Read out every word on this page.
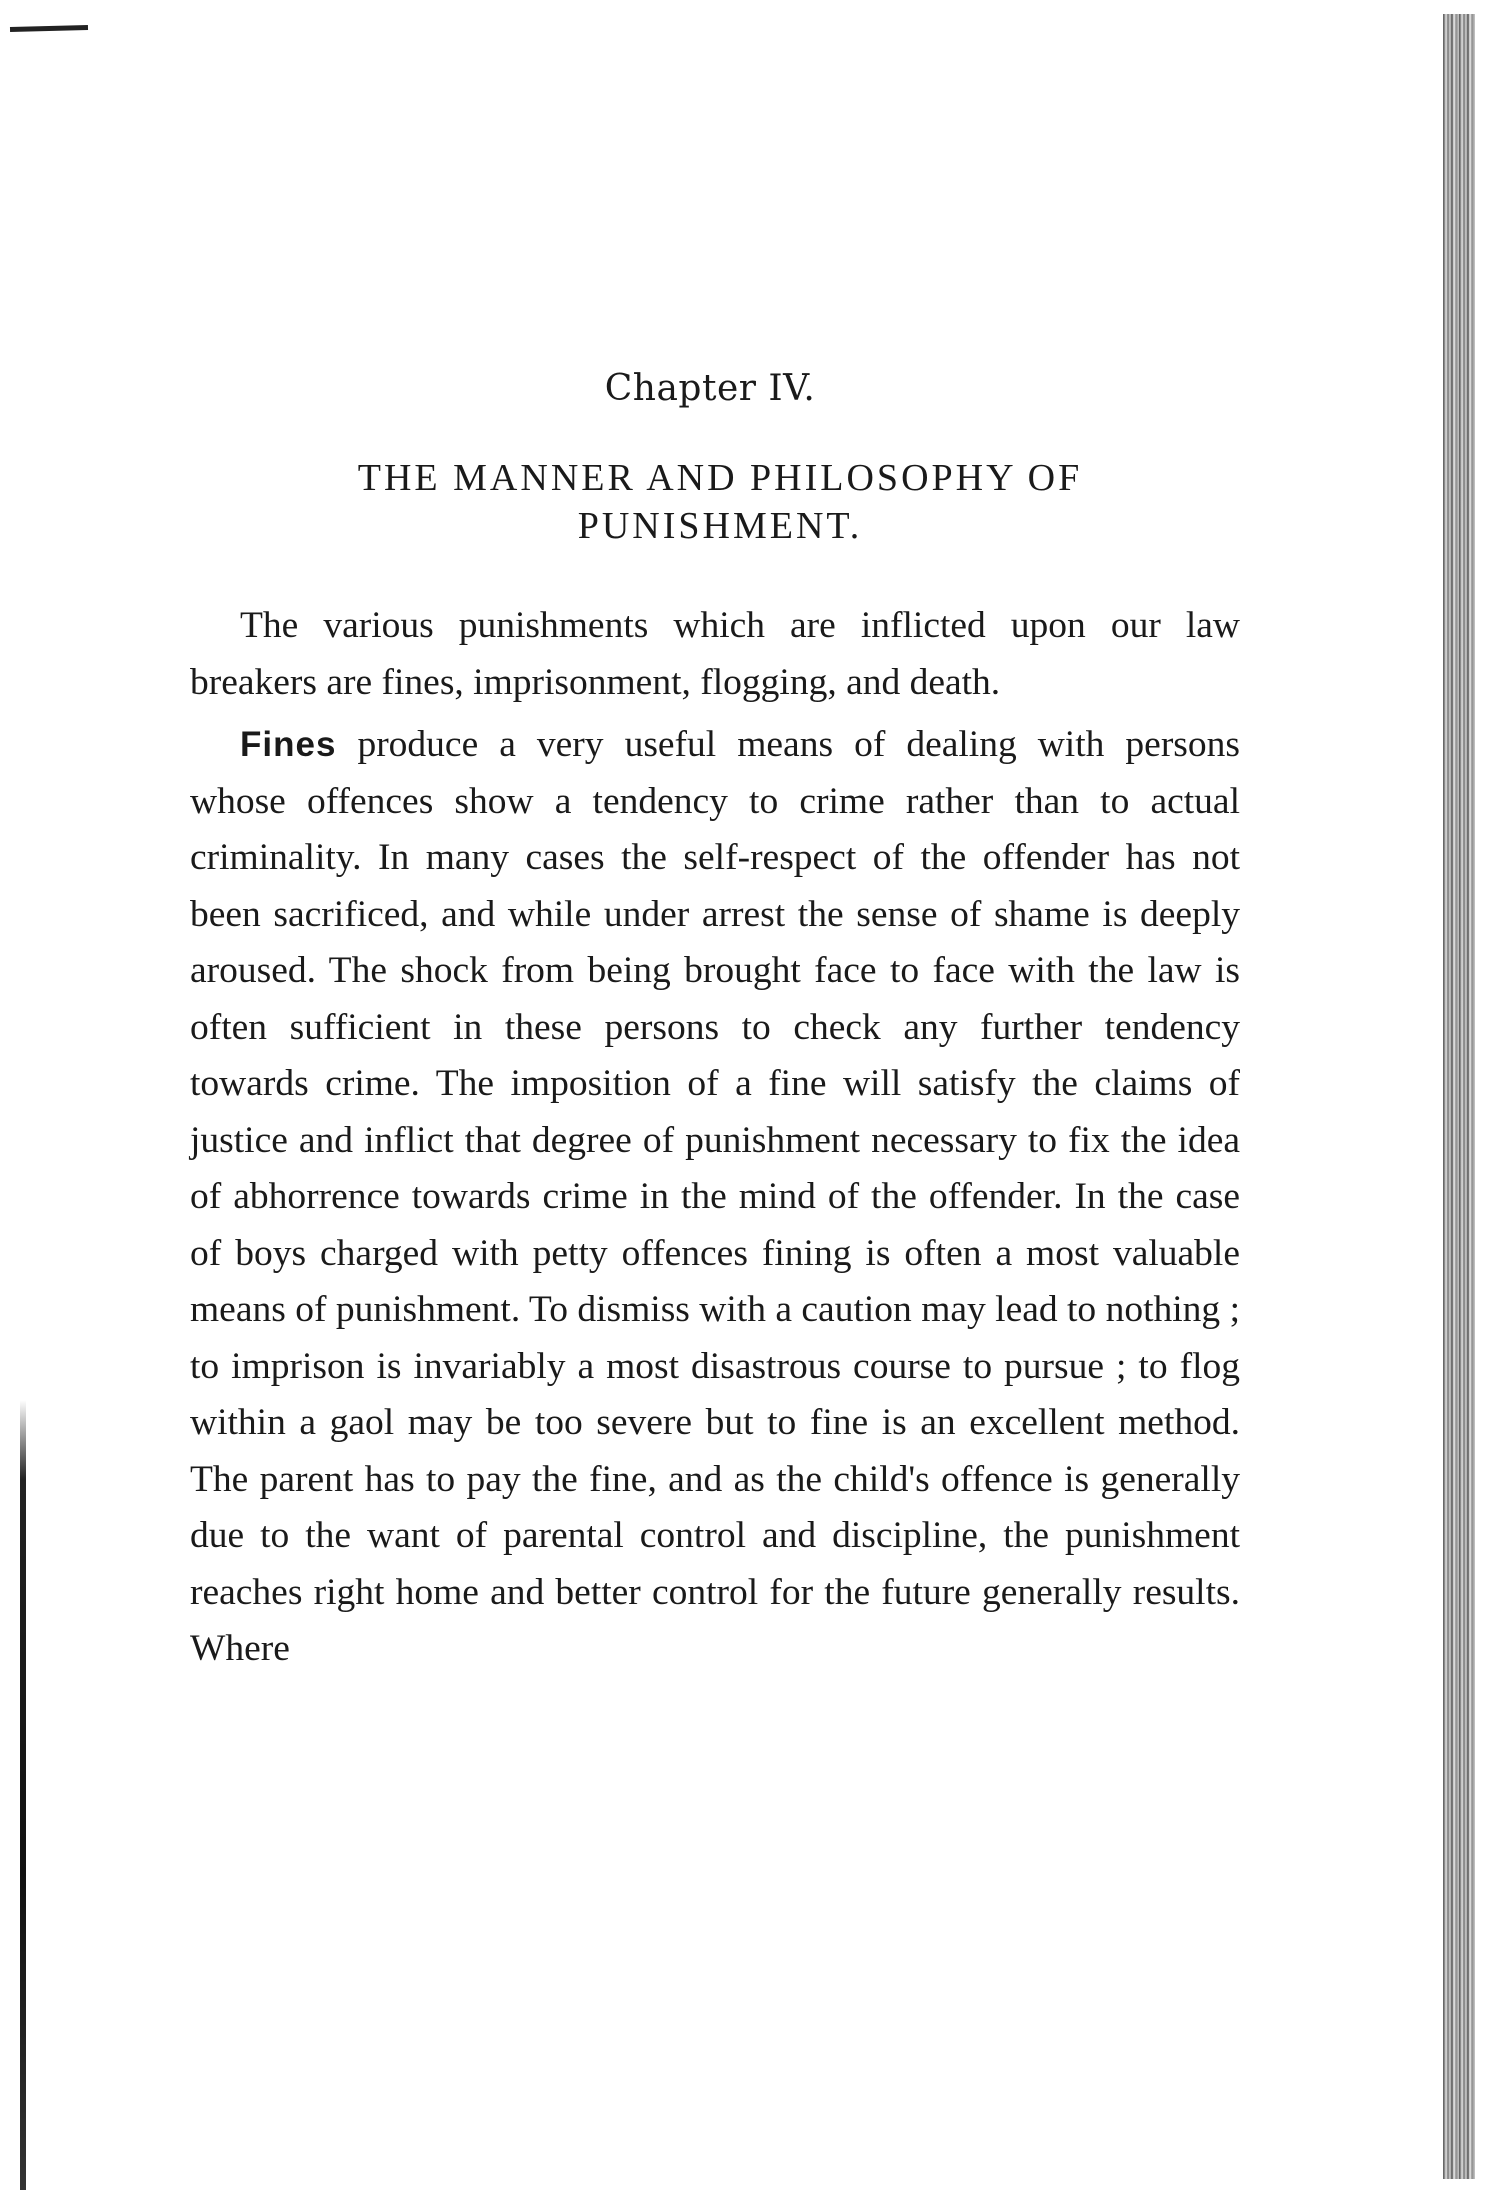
Chapter IV.
THE MANNER AND PHILOSOPHY OF PUNISHMENT.

The various punishments which are inflicted upon our law breakers are fines, imprisonment, flogging, and death.

Fines produce a very useful means of dealing with persons whose offences show a tendency to crime rather than to actual criminality. In many cases the self-respect of the offender has not been sacrificed, and while under arrest the sense of shame is deeply aroused. The shock from being brought face to face with the law is often sufficient in these persons to check any further tendency towards crime. The imposition of a fine will satisfy the claims of justice and inflict that degree of punishment necessary to fix the idea of abhorrence towards crime in the mind of the offender. In the case of boys charged with petty offences fining is often a most valuable means of punishment. To dismiss with a caution may lead to nothing ; to imprison is invariably a most disastrous course to pursue ; to flog within a gaol may be too severe but to fine is an excellent method. The parent has to pay the fine, and as the child's offence is generally due to the want of parental control and discipline, the punishment reaches right home and better control for the future generally results. Where
